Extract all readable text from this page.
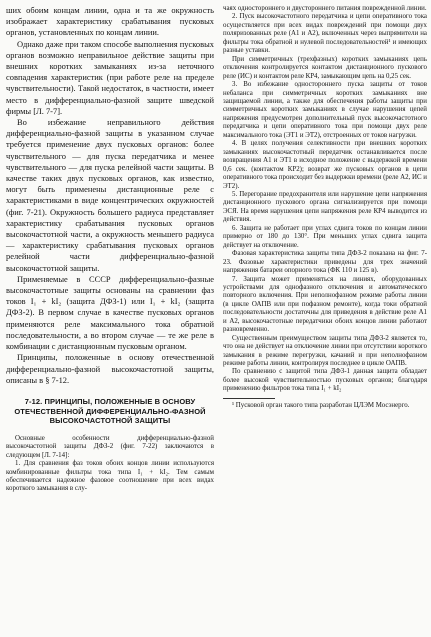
ших обоим концам линии, одна и та же окружность изображает характеристику срабатывания пусковых органов, установленных по концам линии.

Однако даже при таком способе выполнения пусковых органов возможно неправильное действие защиты при внешних коротких замыканиях из-за неточного совпадения характеристик (при работе реле на пределе чувствительности). Такой недостаток, в частности, имеет место в дифференциально-фазной защите шведской фирмы [Л. 7-7].

Во избежание неправильного действия дифференциально-фазной защиты в указанном случае требуется применение двух пусковых органов: более чувствительного — для пуска передатчика и менее чувствительного — для пуска релейной части защиты. В качестве таких двух пусковых органов, как известно, могут быть применены дистанционные реле с характеристиками в виде концентрических окружностей (фиг. 7-21). Окружность большего радиуса представляет характеристику срабатывания пусковых органов высокочастотной части, а окружность меньшего радиуса — характеристику срабатывания пусковых органов релейной части дифференциально-фазной высокочастотной защиты.

Применяемые в СССР дифференциально-фазные высокочастотные защиты основаны на сравнении фаз токов I₁ + kI₂ (защита ДФЗ-1) или I₁ + kI₂ (защита ДФЗ-2). В первом случае в качестве пусковых органов применяются реле максимального тока обратной последовательности, а во втором случае — те же реле в комбинации с дистанционным пусковым органом.

Принципы, положенные в основу отечественной дифференциально-фазной высокочастотной защиты, описаны в § 7-12.

7-12. ПРИНЦИПЫ, ПОЛОЖЕННЫЕ В ОСНОВУ ОТЕЧЕСТВЕННОЙ ДИФФЕРЕНЦИАЛЬНО-ФАЗНОЙ ВЫСОКОЧАСТОТНОЙ ЗАЩИТЫ

Основные особенности дифференциально-фазной высокочастотной защиты ДФЗ-2 (фиг. 7-22) заключаются в следующем [Л. 7-14]:

1. Для сравнения фаз токов обоих концов линии используются комбинированные фильтры тока типа I₁ + kI₂. Тем самым обеспечивается надежное фазовое соотношение при всех видах короткого замыкания в слу-

чаях одностороннего и двустороннего питания поврежденной линии.

2. Пуск высокочастотного передатчика и цепи оперативного тока осуществляется при всех видах повреждений при помощи двух поляризованных реле (А1 и А2), включенных через выпрямители на фильтры тока обратной и нулевой последовательностей¹ и имеющих разные уставки.

При симметричных (трехфазных) коротких замыканиях цепь отключения контролируется контактом дистанционного пускового реле (ИС) и контактом реле КР4, замыкающим цепь на 0,25 сек.

3. Во избежание одностороннего пуска защиты от токов небаланса при симметричных коротких замыканиях вне защищаемой линии, а также для обеспечения работы защиты при симметричных коротких замыканиях в случае нарушения цепей напряжения предусмотрен дополнительный пуск высокочастотного передатчика и цепи оперативного тока при помощи двух реле максимального тока (ЭТ1 и ЭТ2), отстроенных от токов нагрузки.

4. В целях получения селективности при внешних коротких замыканиях высокочастотный передатчик останавливается после возвращения А1 и ЭТ1 в исходное положение с выдержкой времени 0,6 сек. (контактом КР2); возврат же пусковых органов в цепи оперативного тока происходит без выдержки времени (реле А2, ИС и ЭТ2).

5. Перегорание предохранителя или нарушение цепи напряжения дистанционного пускового органа сигнализируется при помощи ЭСЯ. На время нарушения цепи напряжения реле КР4 выводится из действия.

6. Защита не работает при углах сдвига токов по концам линии примерно от 180 до 130°. При меньших углах сдвига защита действует на отключение.

Фазовая характеристика защиты типа ДФЗ-2 показана на фиг. 7-23. Фазовые характеристики приведены для трех значений напряжения батареи опорного тока (ФК 110 и 125 в).

7. Защита может применяться на линиях, оборудованных устройствами для однофазного отключения и автоматического повторного включения. При неполнофазном режиме работы линии (в цикле ОАПВ или при пофазном ремонте), когда токи обратной последовательности достаточны для приведения в действие реле А1 и А2, высокочастотные передатчики обоих концов линии работают разновременно.

Существенным преимуществом защиты типа ДФЗ-2 является то, что она не действует на отключение линии при отсутствии короткого замыкания в режиме перегрузки, качаний и при неполнофазном режиме работы линии, контролируя последнее в цикле ОАПВ.

По сравнению с защитой типа ДФЗ-1 данная защита обладает более высокой чувствительностью пусковых органов; благодаря применению фильтров тока типа I₁ + kI₂

¹ Пусковой орган такого типа разработан ЦЛЭМ Мосэнерго.
